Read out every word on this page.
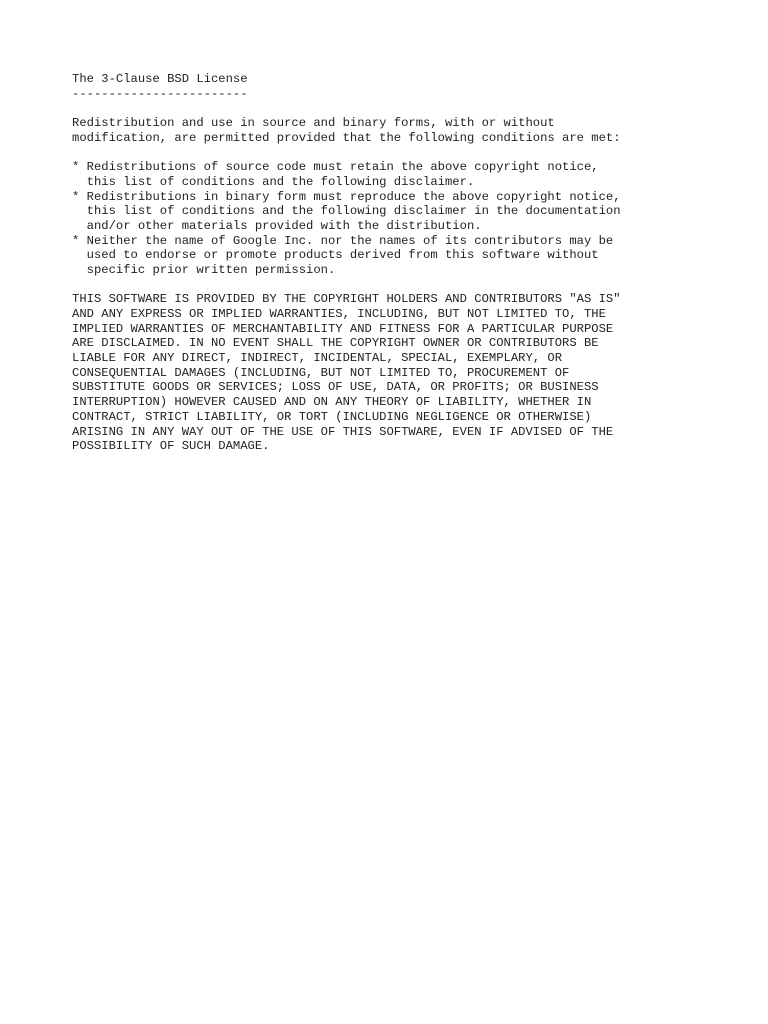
The 3-Clause BSD License
------------------------
Redistribution and use in source and binary forms, with or without
modification, are permitted provided that the following conditions are met:
* Redistributions of source code must retain the above copyright notice,
this list of conditions and the following disclaimer.
* Redistributions in binary form must reproduce the above copyright notice,
this list of conditions and the following disclaimer in the documentation
and/or other materials provided with the distribution.
* Neither the name of Google Inc. nor the names of its contributors may be
used to endorse or promote products derived from this software without
specific prior written permission.
THIS SOFTWARE IS PROVIDED BY THE COPYRIGHT HOLDERS AND CONTRIBUTORS "AS IS"
AND ANY EXPRESS OR IMPLIED WARRANTIES, INCLUDING, BUT NOT LIMITED TO, THE
IMPLIED WARRANTIES OF MERCHANTABILITY AND FITNESS FOR A PARTICULAR PURPOSE
ARE DISCLAIMED. IN NO EVENT SHALL THE COPYRIGHT OWNER OR CONTRIBUTORS BE
LIABLE FOR ANY DIRECT, INDIRECT, INCIDENTAL, SPECIAL, EXEMPLARY, OR
CONSEQUENTIAL DAMAGES (INCLUDING, BUT NOT LIMITED TO, PROCUREMENT OF
SUBSTITUTE GOODS OR SERVICES; LOSS OF USE, DATA, OR PROFITS; OR BUSINESS
INTERRUPTION) HOWEVER CAUSED AND ON ANY THEORY OF LIABILITY, WHETHER IN
CONTRACT, STRICT LIABILITY, OR TORT (INCLUDING NEGLIGENCE OR OTHERWISE)
ARISING IN ANY WAY OUT OF THE USE OF THIS SOFTWARE, EVEN IF ADVISED OF THE
POSSIBILITY OF SUCH DAMAGE.
